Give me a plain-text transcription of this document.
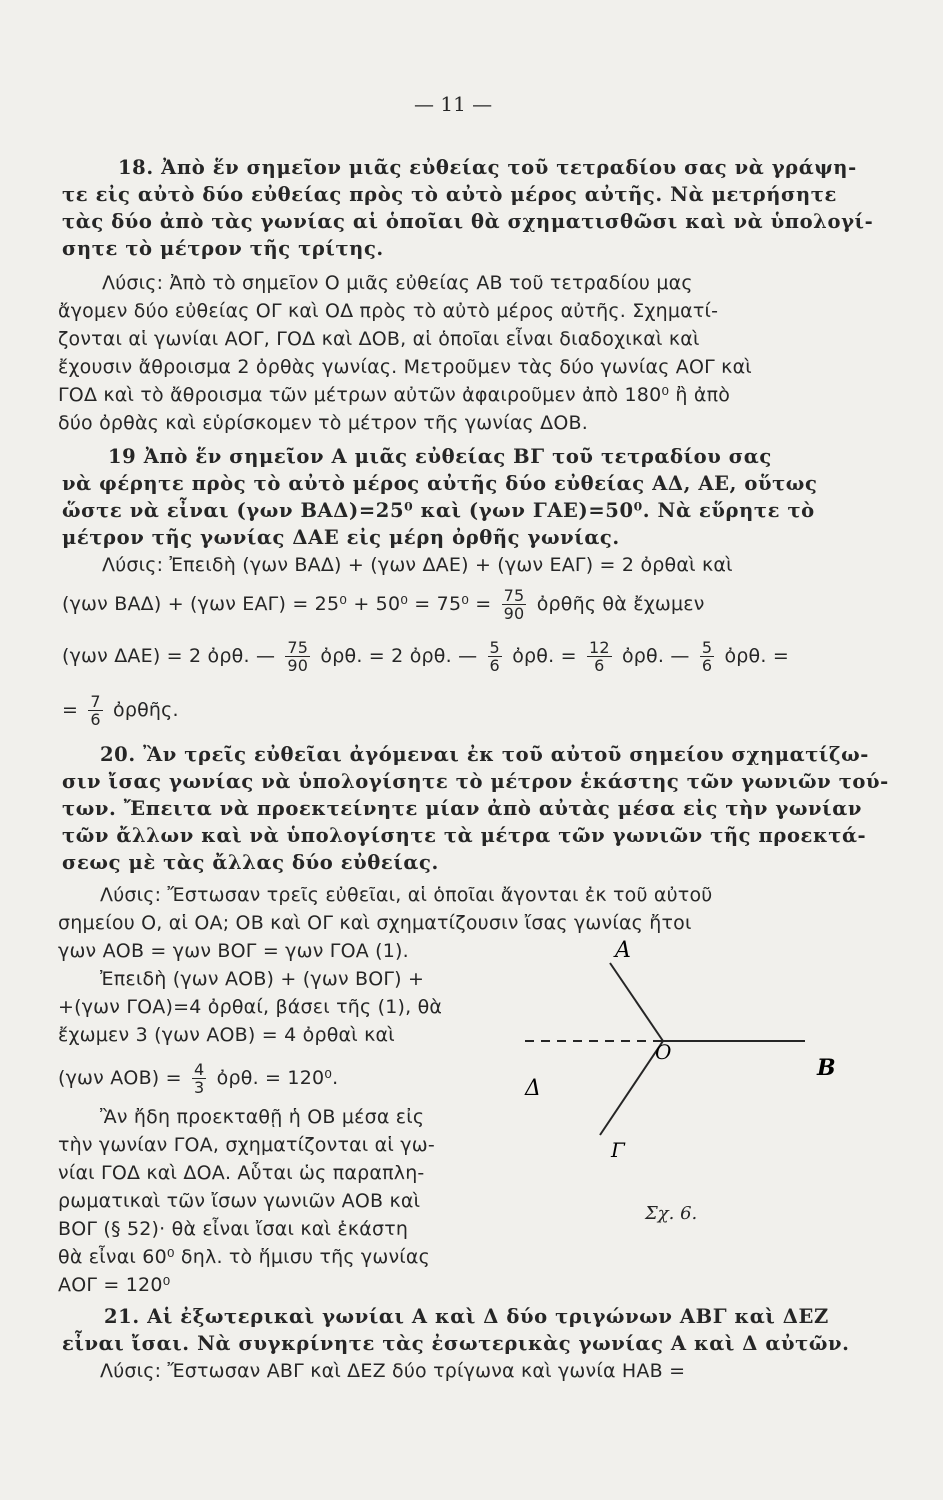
— 11 —
18. Ἀπὸ ἕν σημεῖον μιᾶς εὐθείας τοῦ τετραδίου σας νὰ γράψη-
τε εἰς αὐτὸ δύο εὐθείας πρὸς τὸ αὐτὸ μέρος αὐτῆς. Νὰ μετρήσητε
τὰς δύο ἀπὸ τὰς γωνίας αἱ ὁποῖαι θὰ σχηματισθῶσι καὶ νὰ ὑπολογί-
σητε τὸ μέτρον τῆς τρίτης.
Λύσις: Ἀπὸ τὸ σημεῖον Ο μιᾶς εὐθείας ΑΒ τοῦ τετραδίου μας
ἄγομεν δύο εὐθείας ΟΓ καὶ ΟΔ πρὸς τὸ αὐτὸ μέρος αὐτῆς. Σχηματί-
ζονται αἱ γωνίαι ΑΟΓ, ΓΟΔ καὶ ΔΟΒ, αἱ ὁποῖαι εἶναι διαδοχικαὶ καὶ
ἔχουσιν ἄθροισμα 2 ὀρθὰς γωνίας. Μετροῦμεν τὰς δύο γωνίας ΑΟΓ καὶ
ΓΟΔ καὶ τὸ ἄθροισμα τῶν μέτρων αὐτῶν ἀφαιροῦμεν ἀπὸ 180⁰ ἢ ἀπὸ
δύο ὀρθὰς καὶ εὑρίσκομεν τὸ μέτρον τῆς γωνίας ΔΟΒ.
19 Ἀπὸ ἕν σημεῖον Α μιᾶς εὐθείας ΒΓ τοῦ τετραδίου σας
νὰ φέρητε πρὸς τὸ αὐτὸ μέρος αὐτῆς δύο εὐθείας ΑΔ, ΑΕ, οὕτως
ὥστε νὰ εἶναι (γων ΒΑΔ)=25⁰ καὶ (γων ΓΑΕ)=50⁰. Νὰ εὕρητε τὸ
μέτρον τῆς γωνίας ΔΑΕ εἰς μέρη ὀρθῆς γωνίας.
Λύσις: Ἐπειδὴ (γων ΒΑΔ) + (γων ΔΑΕ) + (γων ΕΑΓ) = 2 ὀρθαὶ καὶ
(γων ΒΑΔ) + (γων $EA\Gamma) = 25^0 + 50^0 = 75^0 = \frac{75}{90}$ ὀρθῆς θὰ ἔχωμεν
(γων ΔΑΕ) = 2 ὀρθ. — $\frac{75}{90}$ ὀρθ. = 2 ὀρθ. — $\frac{5}{6}$ ὀρθ. = $\frac{12}{6}$ ὀρθ. — $\frac{5}{6}$ ὀρθ. =
= $\frac{7}{6}$ ὀρθῆς.
20. Ἂν τρεῖς εὐθεῖαι ἀγόμεναι ἐκ τοῦ αὐτοῦ σημείου σχηματίζω-
σιν ἴσας γωνίας νὰ ὑπολογίσητε τὸ μέτρον ἑκάστης τῶν γωνιῶν τού-
των. Ἔπειτα νὰ προεκτείνητε μίαν ἀπὸ αὐτὰς μέσα εἰς τὴν γωνίαν
τῶν ἄλλων καὶ νὰ ὑπολογίσητε τὰ μέτρα τῶν γωνιῶν τῆς προεκτά-
σεως μὲ τὰς ἄλλας δύο εὐθείας.
Λύσις: Ἔστωσαν τρεῖς εὐθεῖαι, αἱ ὁποῖαι ἄγονται ἐκ τοῦ αὐτοῦ
σημείου Ο, αἱ ΟΑ; ΟΒ καὶ ΟΓ καὶ σχηματίζουσιν ἴσας γωνίας ἤτοι
γων ΑΟΒ = γων ΒΟΓ = γων ΓΟΑ (1).
Ἐπειδὴ (γων ΑΟΒ) + (γων ΒΟΓ) +
+(γων ΓΟΑ)=4 ὀρθαί, βάσει τῆς (1), θὰ
ἔχωμεν 3 (γων ΑΟΒ) = 4 ὀρθαὶ καὶ
(γων $AOB) = \frac{4}{3}$ ὀρθ. = 120⁰.
Ἂν ἤδη προεκταθῇ ἡ ΟΒ μέσα εἰς
τὴν γωνίαν ΓΟΑ, σχηματίζονται αἱ γω-
νίαι ΓΟΔ καὶ ΔΟΑ. Αὗται ὡς παραπλη-
ρωματικαὶ τῶν ἴσων γωνιῶν ΑΟΒ καὶ
ΒΟΓ (§ 52)· θὰ εἶναι ἴσαι καὶ ἑκάστη
θὰ εἶναι 60⁰ δηλ. τὸ ἥμισυ τῆς γωνίας
ΑΟΓ = 120⁰
A
O
B
Δ
Γ
Σχ. 6.
21. Αἱ ἐξωτερικαὶ γωνίαι Α καὶ Δ δύο τριγώνων ΑΒΓ καὶ ΔΕΖ
εἶναι ἴσαι. Νὰ συγκρίνητε τὰς ἐσωτερικὰς γωνίας Α καὶ Δ αὐτῶν.
Λύσις: Ἔστωσαν ΑΒΓ καὶ ΔΕΖ δύο τρίγωνα καὶ γωνία ΗΑΒ =
